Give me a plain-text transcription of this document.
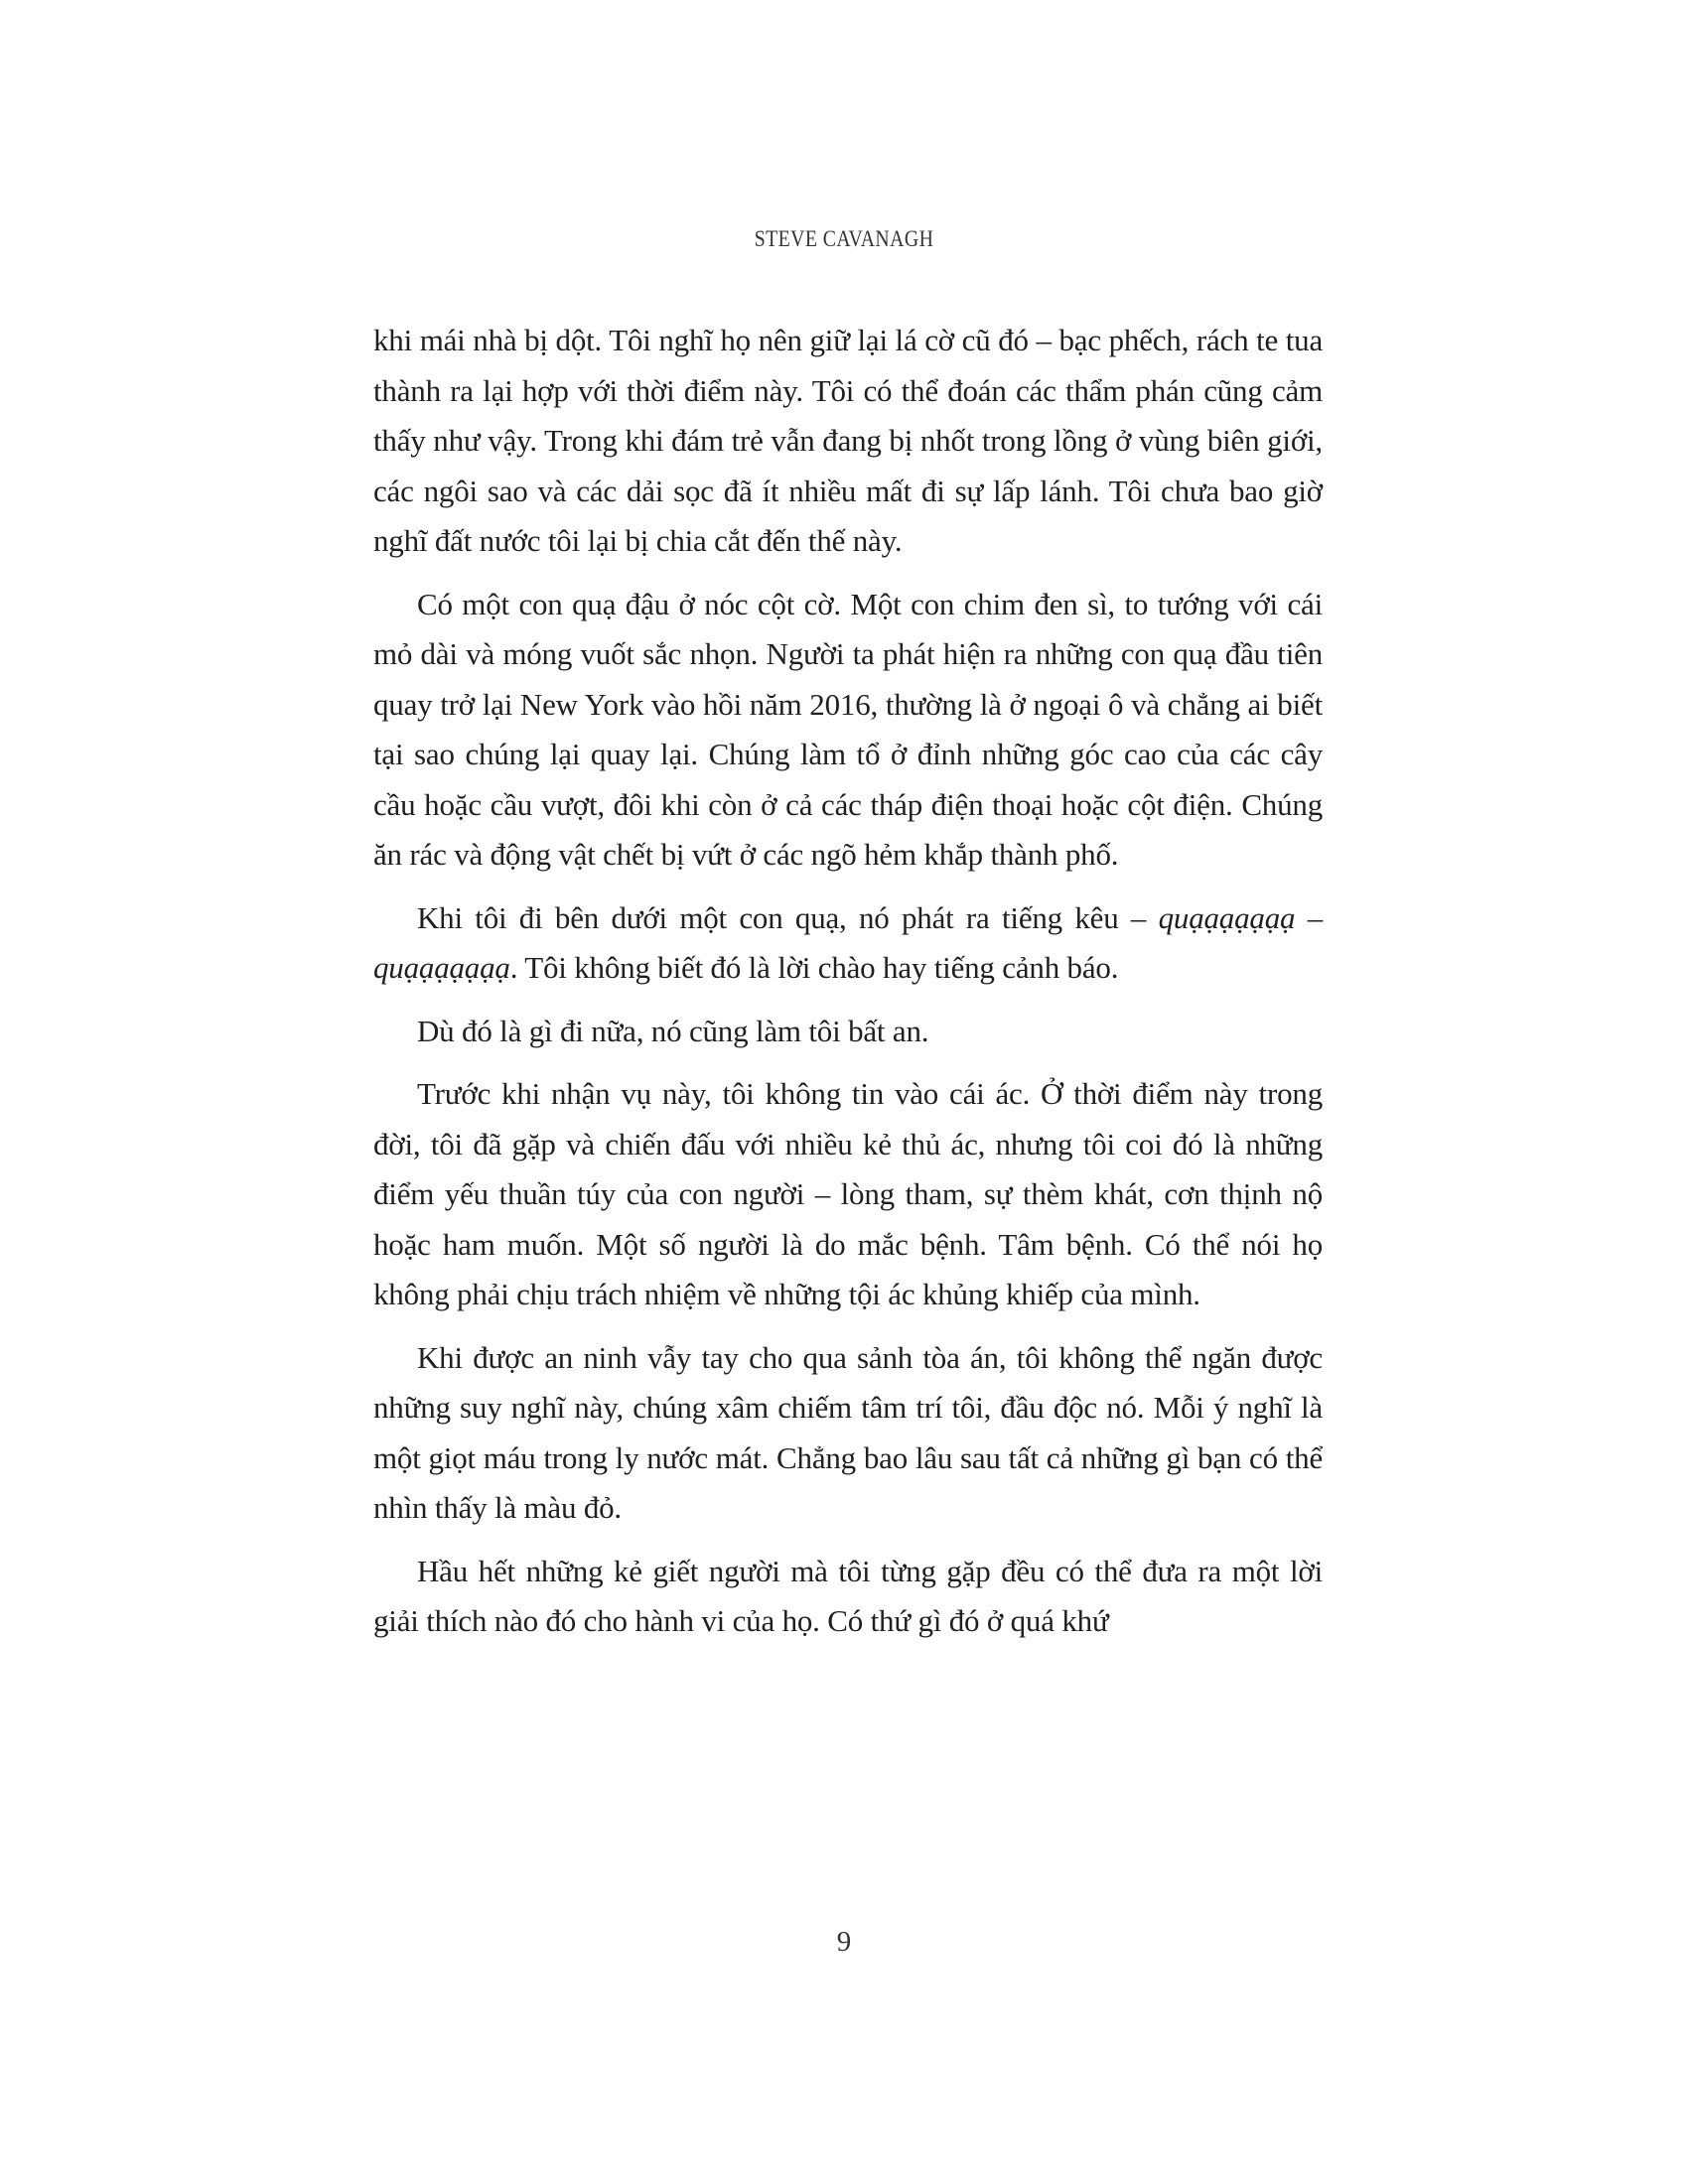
STEVE CAVANAGH

khi mái nhà bị dột. Tôi nghĩ họ nên giữ lại lá cờ cũ đó – bạc phếch, rách te tua thành ra lại hợp với thời điểm này. Tôi có thể đoán các thẩm phán cũng cảm thấy như vậy. Trong khi đám trẻ vẫn đang bị nhốt trong lồng ở vùng biên giới, các ngôi sao và các dải sọc đã ít nhiều mất đi sự lấp lánh. Tôi chưa bao giờ nghĩ đất nước tôi lại bị chia cắt đến thế này.

Có một con quạ đậu ở nóc cột cờ. Một con chim đen sì, to tướng với cái mỏ dài và móng vuốt sắc nhọn. Người ta phát hiện ra những con quạ đầu tiên quay trở lại New York vào hồi năm 2016, thường là ở ngoại ô và chẳng ai biết tại sao chúng lại quay lại. Chúng làm tổ ở đỉnh những góc cao của các cây cầu hoặc cầu vượt, đôi khi còn ở cả các tháp điện thoại hoặc cột điện. Chúng ăn rác và động vật chết bị vứt ở các ngõ hẻm khắp thành phố.

Khi tôi đi bên dưới một con quạ, nó phát ra tiếng kêu – quạạạạạạạ – quạạạạạạạ. Tôi không biết đó là lời chào hay tiếng cảnh báo.

Dù đó là gì đi nữa, nó cũng làm tôi bất an.

Trước khi nhận vụ này, tôi không tin vào cái ác. Ở thời điểm này trong đời, tôi đã gặp và chiến đấu với nhiều kẻ thủ ác, nhưng tôi coi đó là những điểm yếu thuần túy của con người – lòng tham, sự thèm khát, cơn thịnh nộ hoặc ham muốn. Một số người là do mắc bệnh. Tâm bệnh. Có thể nói họ không phải chịu trách nhiệm về những tội ác khủng khiếp của mình.

Khi được an ninh vẫy tay cho qua sảnh tòa án, tôi không thể ngăn được những suy nghĩ này, chúng xâm chiếm tâm trí tôi, đầu độc nó. Mỗi ý nghĩ là một giọt máu trong ly nước mát. Chẳng bao lâu sau tất cả những gì bạn có thể nhìn thấy là màu đỏ.

Hầu hết những kẻ giết người mà tôi từng gặp đều có thể đưa ra một lời giải thích nào đó cho hành vi của họ. Có thứ gì đó ở quá khứ

9
